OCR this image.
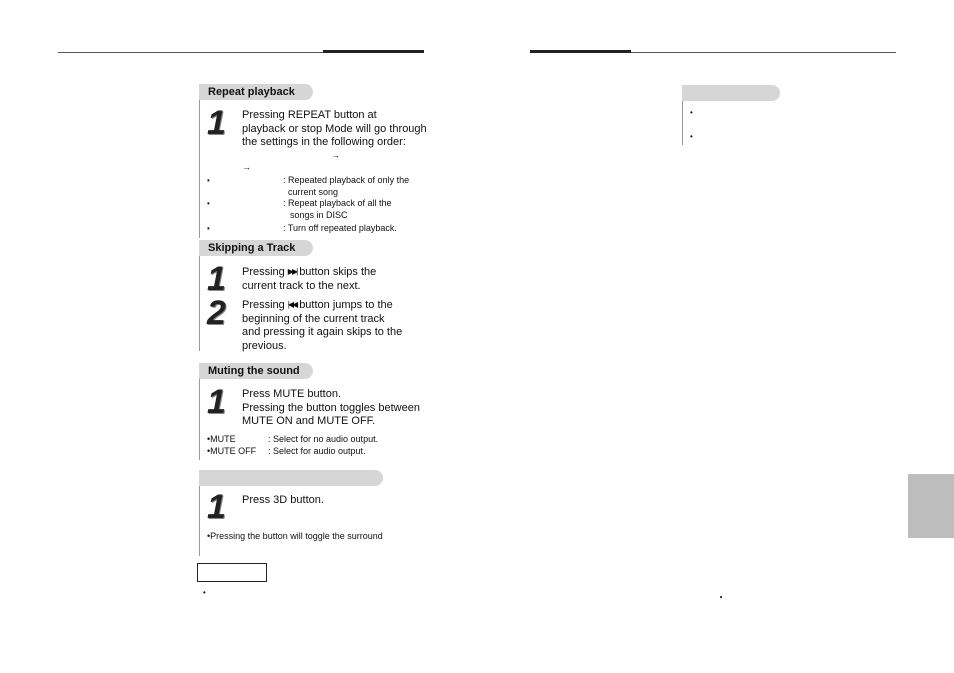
Repeat playback
1 Pressing REPEAT button at
playback or stop Mode will go through
the settings in the following order:
→
→
•	: Repeated playback of only the
current song
•	: Repeat playback of all the
songs in DISC
•	: Turn off repeated playback.
Skipping a Track
1 Pressing ▶▶| button skips the
current track to the next.
2 Pressing |◀◀ button jumps to the
beginning of the current track
and pressing it again skips to the
previous.
Muting the sound
1 Press MUTE button.
Pressing the button toggles between
MUTE ON and MUTE OFF.
•MUTE	: Select for no audio output.
•MUTE OFF : Select for audio output.
1 Press 3D button.
•Pressing the button will toggle the surround
•
•
•
